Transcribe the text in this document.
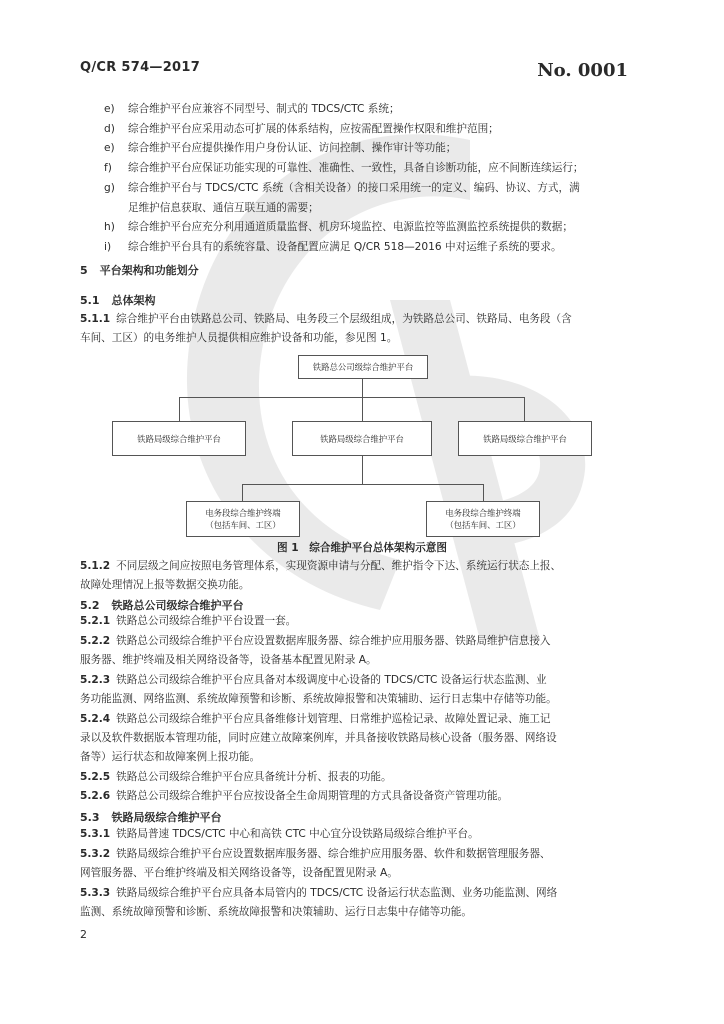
Q/CR 574—2017	No. 0001
e) 综合维护平台应兼容不同型号、制式的 TDCS/CTC 系统；
d) 综合维护平台应采用动态可扩展的体系结构，应按需配置操作权限和维护范围；
e) 综合维护平台应提供操作用户身份认证、访问控制、操作审计等功能；
f) 综合维护平台应保证功能实现的可靠性、准确性、一致性，具备自诊断功能，应不间断连续运行；
g) 综合维护平台与 TDCS/CTC 系统（含相关设备）的接口采用统一的定义、编码、协议、方式，满
足维护信息获取、通信互联互通的需要；
h) 综合维护平台应充分利用通道质量监督、机房环境监控、电源监控等监测监控系统提供的数据；
i) 综合维护平台具有的系统容量、设备配置应满足 Q/CR 518—2016 中对运维子系统的要求。
5 平台架构和功能划分
5.1 总体架构
5.1.1 综合维护平台由铁路总公司、铁路局、电务段三个层级组成，为铁路总公司、铁路局、电务段（含
车间、工区）的电务维护人员提供相应维护设备和功能，参见图 1。
铁路总公司级综合维护平台
铁路局级综合维护平台	铁路局级综合维护平台	铁路局级综合维护平台
电务段综合维护终端
（包括车间、工区）
电务段综合维护终端
（包括车间、工区）
图 1　综合维护平台总体架构示意图
5.1.2 不同层级之间应按照电务管理体系，实现资源申请与分配、维护指令下达、系统运行状态上报、
故障处理情况上报等数据交换功能。
5.2 铁路总公司级综合维护平台
5.2.1 铁路总公司级综合维护平台设置一套。
5.2.2 铁路总公司级综合维护平台应设置数据库服务器、综合维护应用服务器、铁路局维护信息接入
服务器、维护终端及相关网络设备等，设备基本配置见附录 A。
5.2.3 铁路总公司级综合维护平台应具备对本级调度中心设备的 TDCS/CTC 设备运行状态监测、业
务功能监测、网络监测、系统故障预警和诊断、系统故障报警和决策辅助、运行日志集中存储等功能。
5.2.4 铁路总公司级综合维护平台应具备维修计划管理、日常维护巡检记录、故障处置记录、施工记
录以及软件数据版本管理功能，同时应建立故障案例库，并具备接收铁路局核心设备（服务器、网络设
备等）运行状态和故障案例上报功能。
5.2.5 铁路总公司级综合维护平台应具备统计分析、报表的功能。
5.2.6 铁路总公司级综合维护平台应按设备全生命周期管理的方式具备设备资产管理功能。
5.3 铁路局级综合维护平台
5.3.1 铁路局普速 TDCS/CTC 中心和高铁 CTC 中心宜分设铁路局级综合维护平台。
5.3.2 铁路局级综合维护平台应设置数据库服务器、综合维护应用服务器、软件和数据管理服务器、
网管服务器、平台维护终端及相关网络设备等，设备配置见附录 A。
5.3.3 铁路局级综合维护平台应具备本局管内的 TDCS/CTC 设备运行状态监测、业务功能监测、网络
监测、系统故障预警和诊断、系统故障报警和决策辅助、运行日志集中存储等功能。
2
